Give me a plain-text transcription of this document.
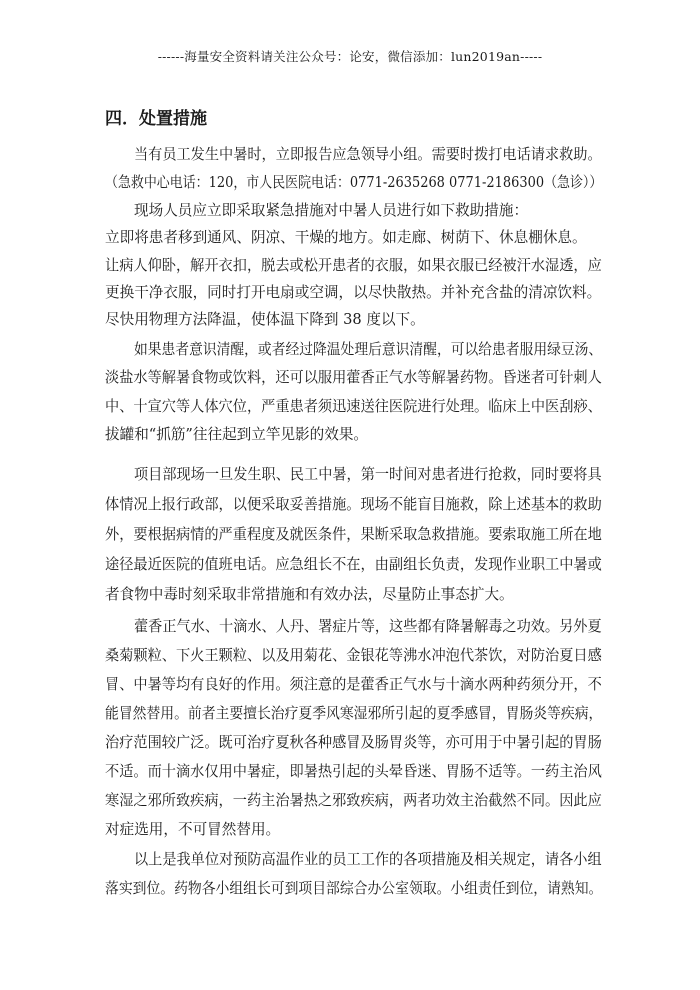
------海量安全资料请关注公众号：论安，微信添加：lun2019an-----
四．处置措施
当有员工发生中暑时，立即报告应急领导小组。需要时拨打电话请求救助。
（急救中心电话：120，市人民医院电话：0771-2635268 0771-2186300（急诊））
现场人员应立即采取紧急措施对中暑人员进行如下救助措施：
立即将患者移到通风、阴凉、干燥的地方。如走廊、树荫下、休息棚休息。
让病人仰卧，解开衣扣，脱去或松开患者的衣服，如果衣服已经被汗水湿透，应
更换干净衣服，同时打开电扇或空调，以尽快散热。并补充含盐的清凉饮料。
尽快用物理方法降温，使体温下降到 38 度以下。
如果患者意识清醒，或者经过降温处理后意识清醒，可以给患者服用绿豆汤、
淡盐水等解暑食物或饮料，还可以服用藿香正气水等解暑药物。昏迷者可针刺人
中、十宣穴等人体穴位，严重患者须迅速送往医院进行处理。临床上中医刮痧、
拔罐和“抓筋”往往起到立竿见影的效果。
项目部现场一旦发生职、民工中暑，第一时间对患者进行抢救，同时要将具
体情况上报行政部，以便采取妥善措施。现场不能盲目施救，除上述基本的救助
外，要根据病情的严重程度及就医条件，果断采取急救措施。要索取施工所在地
途径最近医院的值班电话。应急组长不在，由副组长负责，发现作业职工中暑或
者食物中毒时刻采取非常措施和有效办法，尽量防止事态扩大。
藿香正气水、十滴水、人丹、署症片等，这些都有降暑解毒之功效。另外夏
桑菊颗粒、下火王颗粒、以及用菊花、金银花等沸水冲泡代茶饮，对防治夏日感
冒、中暑等均有良好的作用。须注意的是藿香正气水与十滴水两种药须分开，不
能冒然替用。前者主要擅长治疗夏季风寒湿邪所引起的夏季感冒，胃肠炎等疾病，
治疗范围较广泛。既可治疗夏秋各种感冒及肠胃炎等，亦可用于中暑引起的胃肠
不适。而十滴水仅用中暑症，即暑热引起的头晕昏迷、胃肠不适等。一药主治风
寒湿之邪所致疾病，一药主治暑热之邪致疾病，两者功效主治截然不同。因此应
对症选用，不可冒然替用。
以上是我单位对预防高温作业的员工工作的各项措施及相关规定，请各小组
落实到位。药物各小组组长可到项目部综合办公室领取。小组责任到位，请熟知。
